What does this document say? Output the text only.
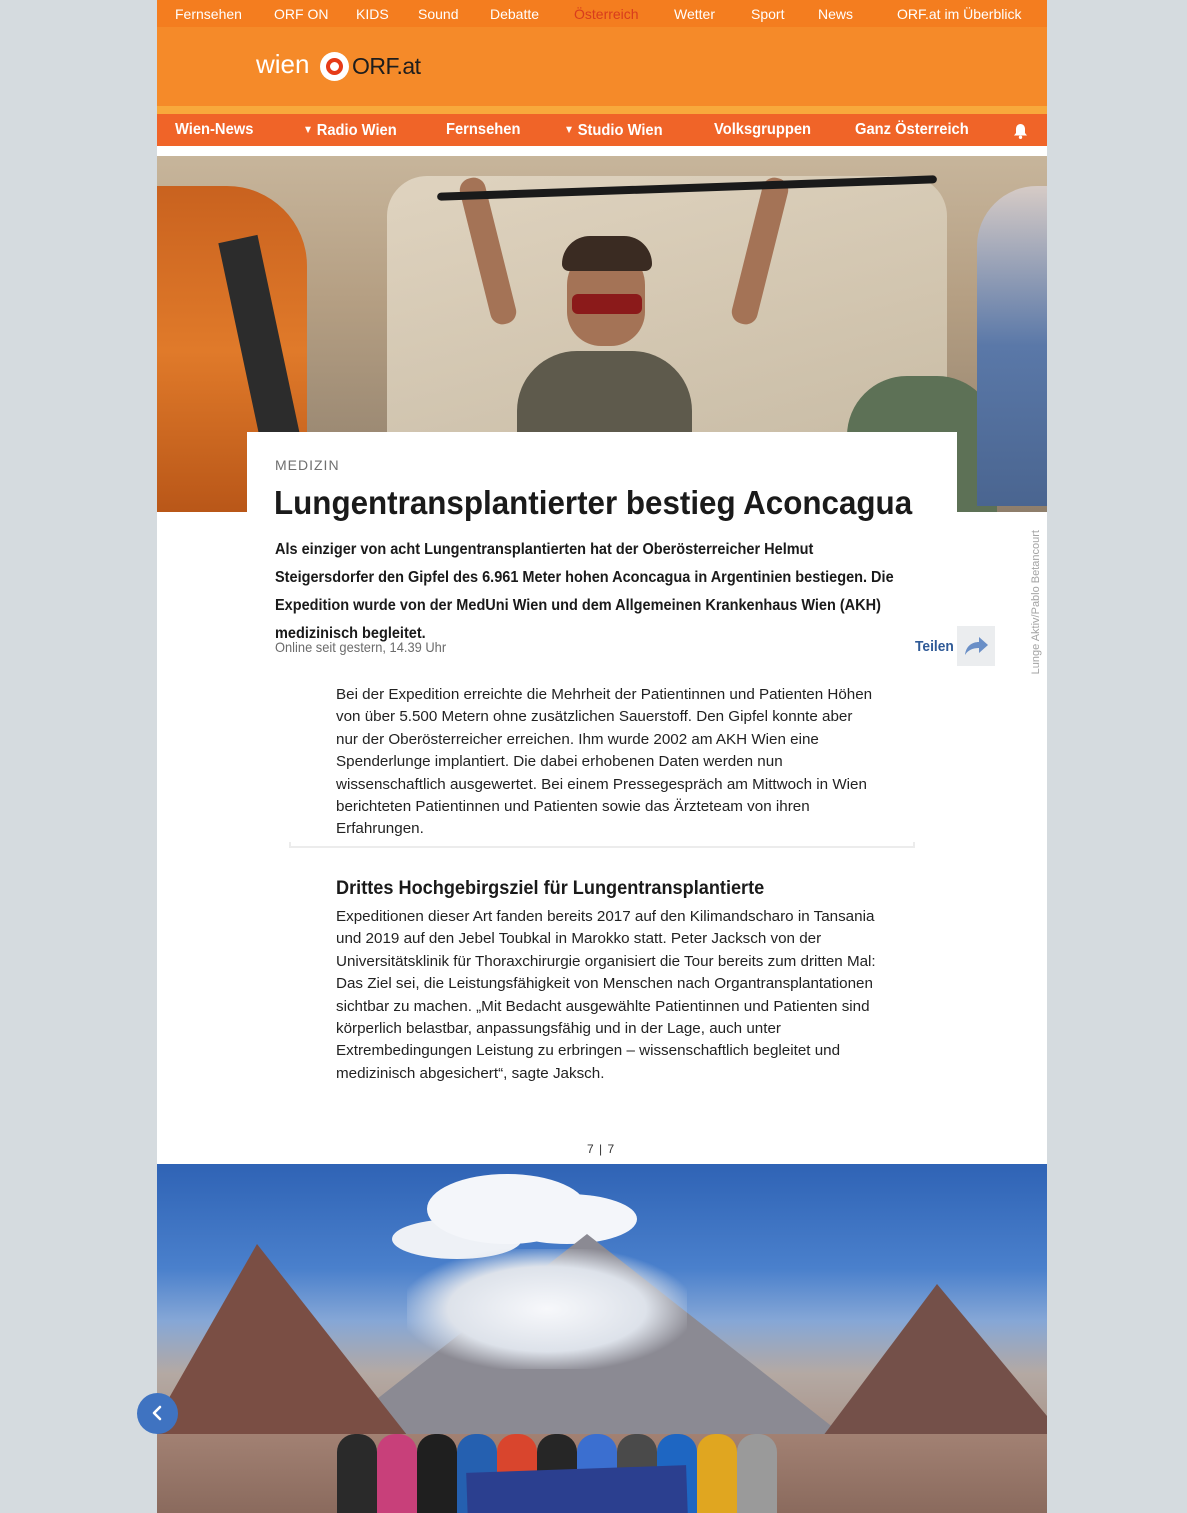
Fernsehen ORF ON KIDS Sound Debatte Österreich	Wetter	Sport News	ORF.at im Überblick
wien ORF.at
Wien-News	▼ Radio Wien	Fernsehen	▼ Studio Wien	Volksgruppen	Ganz Österreich
MEDIZIN
Lungentransplantierter bestieg Aconcagua

Als einziger von acht Lungentransplantierten hat der Oberösterreicher Helmut Steigersdorfer den Gipfel des 6.961 Meter hohen Aconcagua in Argentinien bestiegen. Die Expedition wurde von der MedUni Wien und dem Allgemeinen Krankenhaus Wien (AKH) medizinisch begleitet.

Online seit gestern, 14.39 Uhr	Teilen

Bei der Expedition erreichte die Mehrheit der Patientinnen und Patienten Höhen von über 5.500 Metern ohne zusätzlichen Sauerstoff. Den Gipfel konnte aber nur der Oberösterreicher erreichen. Ihm wurde 2002 am AKH Wien eine Spenderlunge implantiert. Die dabei erhobenen Daten werden nun wissenschaftlich ausgewertet. Bei einem Pressegespräch am Mittwoch in Wien berichteten Patientinnen und Patienten sowie das Ärzteteam von ihren Erfahrungen.

Drittes Hochgebirgsziel für Lungentransplantierte

Expeditionen dieser Art fanden bereits 2017 auf den Kilimandscharo in Tansania und 2019 auf den Jebel Toubkal in Marokko statt. Peter Jacksch von der Universitätsklinik für Thoraxchirurgie organisiert die Tour bereits zum dritten Mal: Das Ziel sei, die Leistungsfähigkeit von Menschen nach Organtransplantationen sichtbar zu machen. „Mit Bedacht ausgewählte Patientinnen und Patienten sind körperlich belastbar, anpassungsfähig und in der Lage, auch unter Extrembedingungen Leistung zu erbringen – wissenschaftlich begleitet und medizinisch abgesichert“, sagte Jaksch.

7 | 7
Lunge Aktiv/Pablo Betancourt
